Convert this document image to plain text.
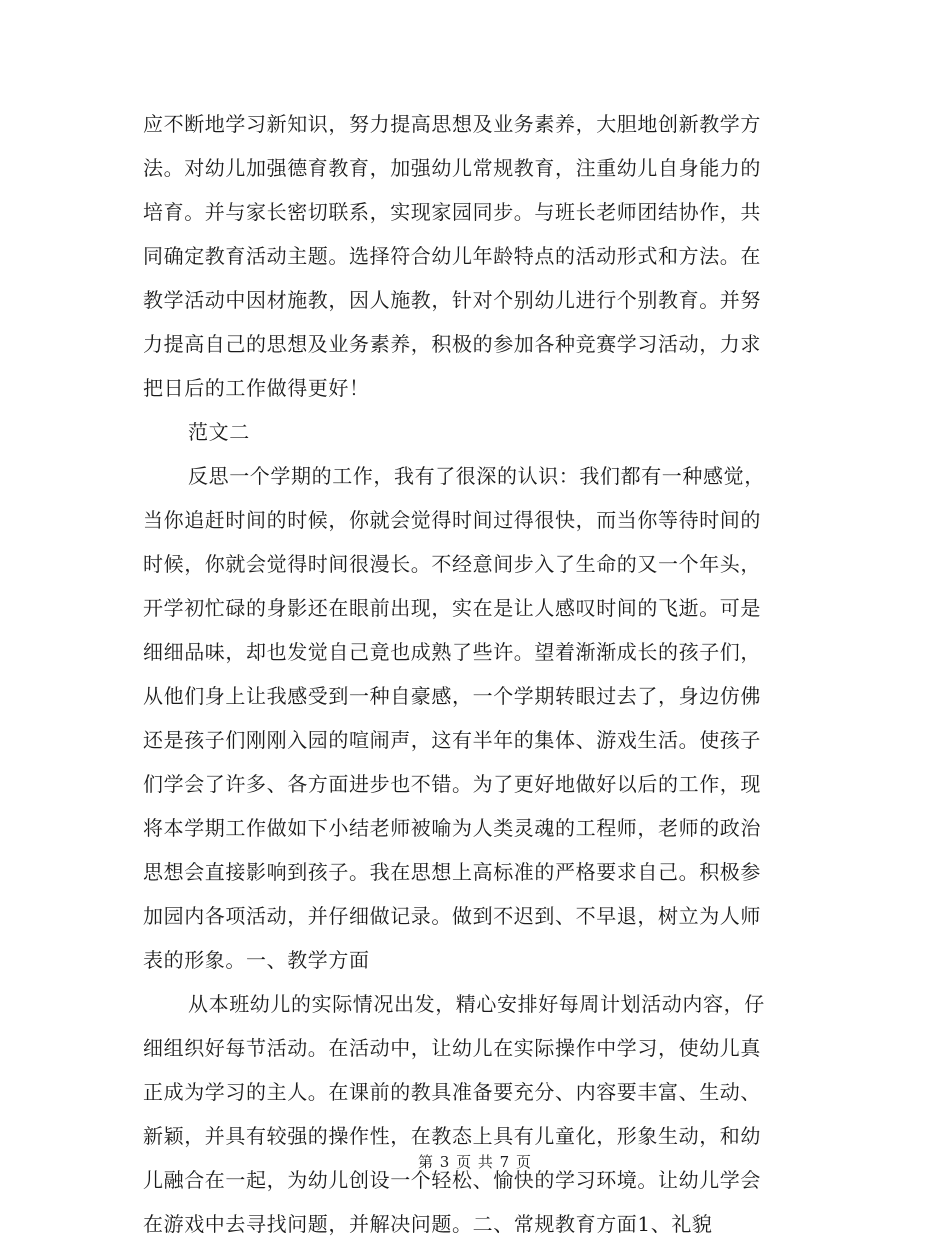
应不断地学习新知识，努力提高思想及业务素养，大胆地创新教学方
法。对幼儿加强德育教育，加强幼儿常规教育，注重幼儿自身能力的
培育。并与家长密切联系，实现家园同步。与班长老师团结协作，共
同确定教育活动主题。选择符合幼儿年龄特点的活动形式和方法。在
教学活动中因材施教，因人施教，针对个别幼儿进行个别教育。并努
力提高自己的思想及业务素养，积极的参加各种竞赛学习活动，力求
把日后的工作做得更好！
范文二
反思一个学期的工作，我有了很深的认识：我们都有一种感觉，
当你追赶时间的时候，你就会觉得时间过得很快，而当你等待时间的
时候，你就会觉得时间很漫长。不经意间步入了生命的又一个年头，
开学初忙碌的身影还在眼前出现，实在是让人感叹时间的飞逝。可是
细细品味，却也发觉自己竟也成熟了些许。望着渐渐成长的孩子们，
从他们身上让我感受到一种自豪感，一个学期转眼过去了，身边仿佛
还是孩子们刚刚入园的喧闹声，这有半年的集体、游戏生活。使孩子
们学会了许多、各方面进步也不错。为了更好地做好以后的工作，现
将本学期工作做如下小结老师被喻为人类灵魂的工程师，老师的政治
思想会直接影响到孩子。我在思想上高标准的严格要求自己。积极参
加园内各项活动，并仔细做记录。做到不迟到、不早退，树立为人师
表的形象。一、教学方面
从本班幼儿的实际情况出发，精心安排好每周计划活动内容，仔
细组织好每节活动。在活动中，让幼儿在实际操作中学习，使幼儿真
正成为学习的主人。在课前的教具准备要充分、内容要丰富、生动、
新颖，并具有较强的操作性，在教态上具有儿童化，形象生动，和幼
儿融合在一起，为幼儿创设一个轻松、愉快的学习环境。让幼儿学会
在游戏中去寻找问题，并解决问题。二、常规教育方面1、礼貌
第 3 页 共 7 页
